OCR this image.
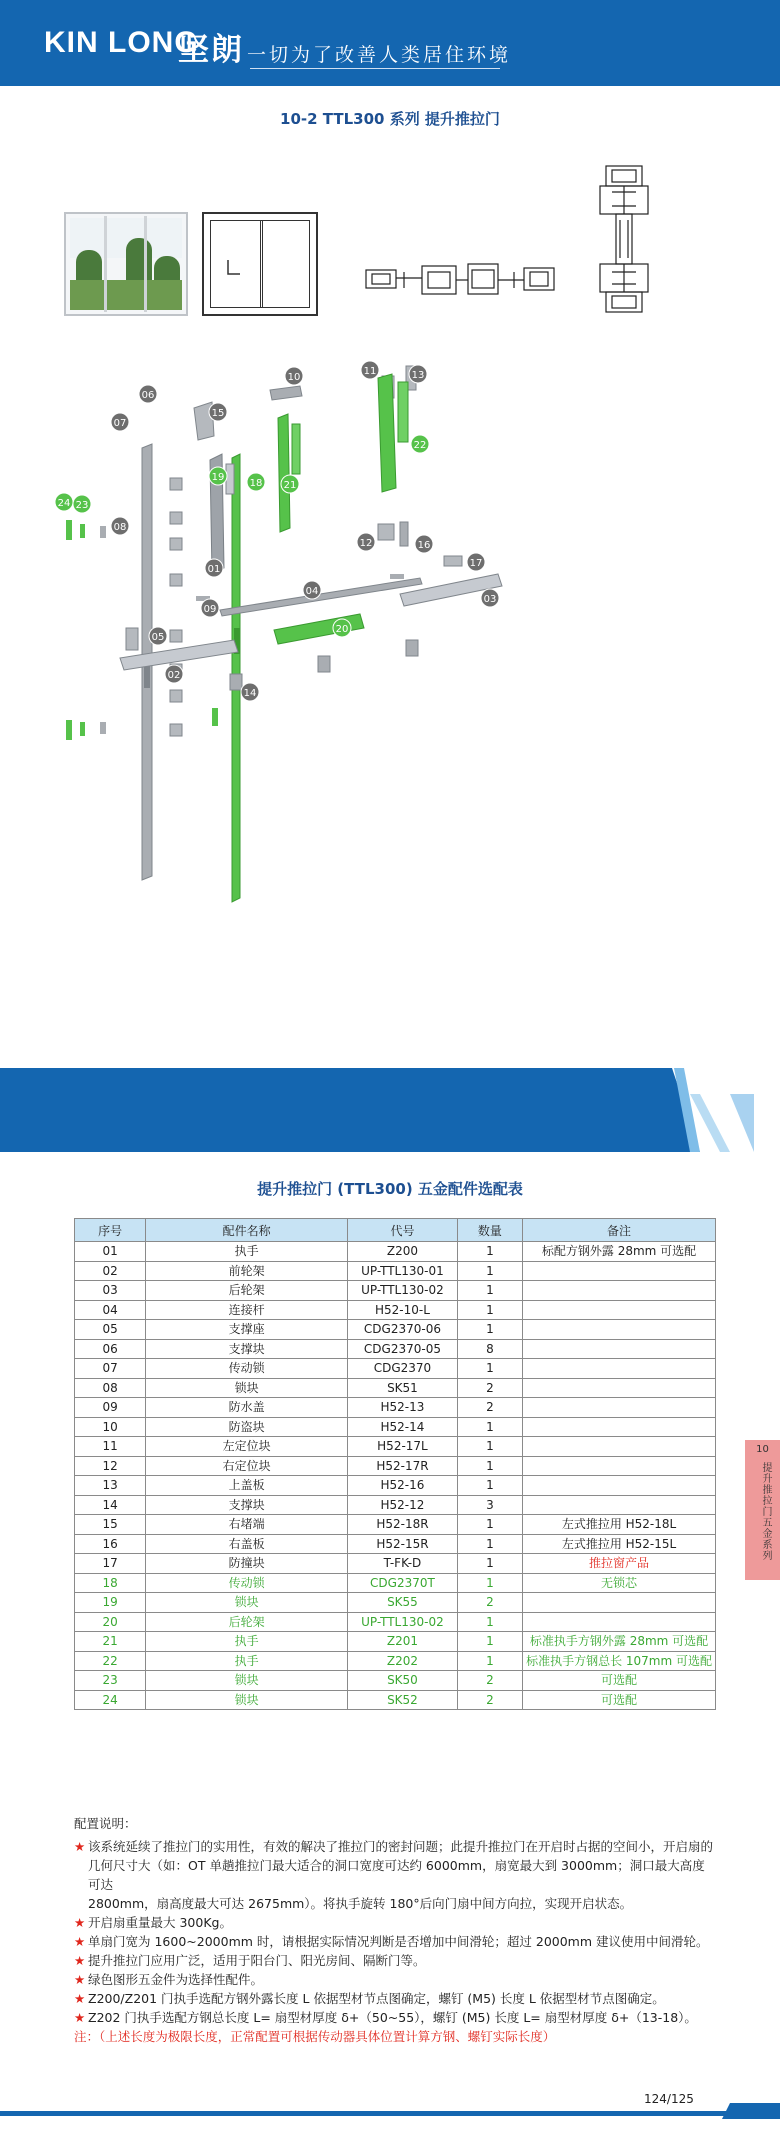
KIN LONG
坚朗 一切为了改善人类居住环境
10-2 TTL300 系列 提升推拉门
01
02
03
04
05
06
07
08
09
10
11
12
13
14
15
16
17
18
19
20
21
22
23
24
提升推拉门 (TTL300) 五金配件选配表
序号	配件名称	代号	数量	备注
01	执手	Z200	1	标配方钢外露 28mm 可选配
02	前轮架	UP-TTL130-01	1	
03	后轮架	UP-TTL130-02	1	
04	连接杆	H52-10-L	1	
05	支撑座	CDG2370-06	1	
06	支撑块	CDG2370-05	8	
07	传动锁	CDG2370	1	
08	锁块	SK51	2	
09	防水盖	H52-13	2	
10	防盗块	H52-14	1	
11	左定位块	H52-17L	1	
12	右定位块	H52-17R	1	
13	上盖板	H52-16	1	
14	支撑块	H52-12	3	
15	右堵端	H52-18R	1	左式推拉用 H52-18L
16	右盖板	H52-15R	1	左式推拉用 H52-15L
17	防撞块	T-FK-D	1	推拉窗产品
18	传动锁	CDG2370T	1	无锁芯
19	锁块	SK55	2	
20	后轮架	UP-TTL130-02	1	
21	执手	Z201	1	标准执手方钢外露 28mm 可选配
22	执手	Z202	1	标准执手方钢总长 107mm 可选配
23	锁块	SK50	2	可选配
24	锁块	SK52	2	可选配
10
提升推拉门五金系列
配置说明：
★ 该系统延续了推拉门的实用性，有效的解决了推拉门的密封问题；此提升推拉门在开启时占据的空间小，开启扇的
几何尺寸大（如：OT 单趟推拉门最大适合的洞口宽度可达约 6000mm，扇宽最大到 3000mm；洞口最大高度可达
2800mm，扇高度最大可达 2675mm）。将执手旋转 180°后向门扇中间方向拉，实现开启状态。
★ 开启扇重量最大 300Kg。
★ 单扇门宽为 1600~2000mm 时，请根据实际情况判断是否增加中间滑轮；超过 2000mm 建议使用中间滑轮。
★ 提升推拉门应用广泛，适用于阳台门、阳光房间、隔断门等。
★ 绿色图形五金件为选择性配件。
★ Z200/Z201 门执手选配方钢外露长度 L 依据型材节点图确定，螺钉 (M5) 长度 L 依据型材节点图确定。
★ Z202 门执手选配方钢总长度 L= 扇型材厚度 δ+（50~55），螺钉 (M5) 长度 L= 扇型材厚度 δ+（13-18）。
注：（上述长度为极限长度，正常配置可根据传动器具体位置计算方钢、螺钉实际长度）
124/125
